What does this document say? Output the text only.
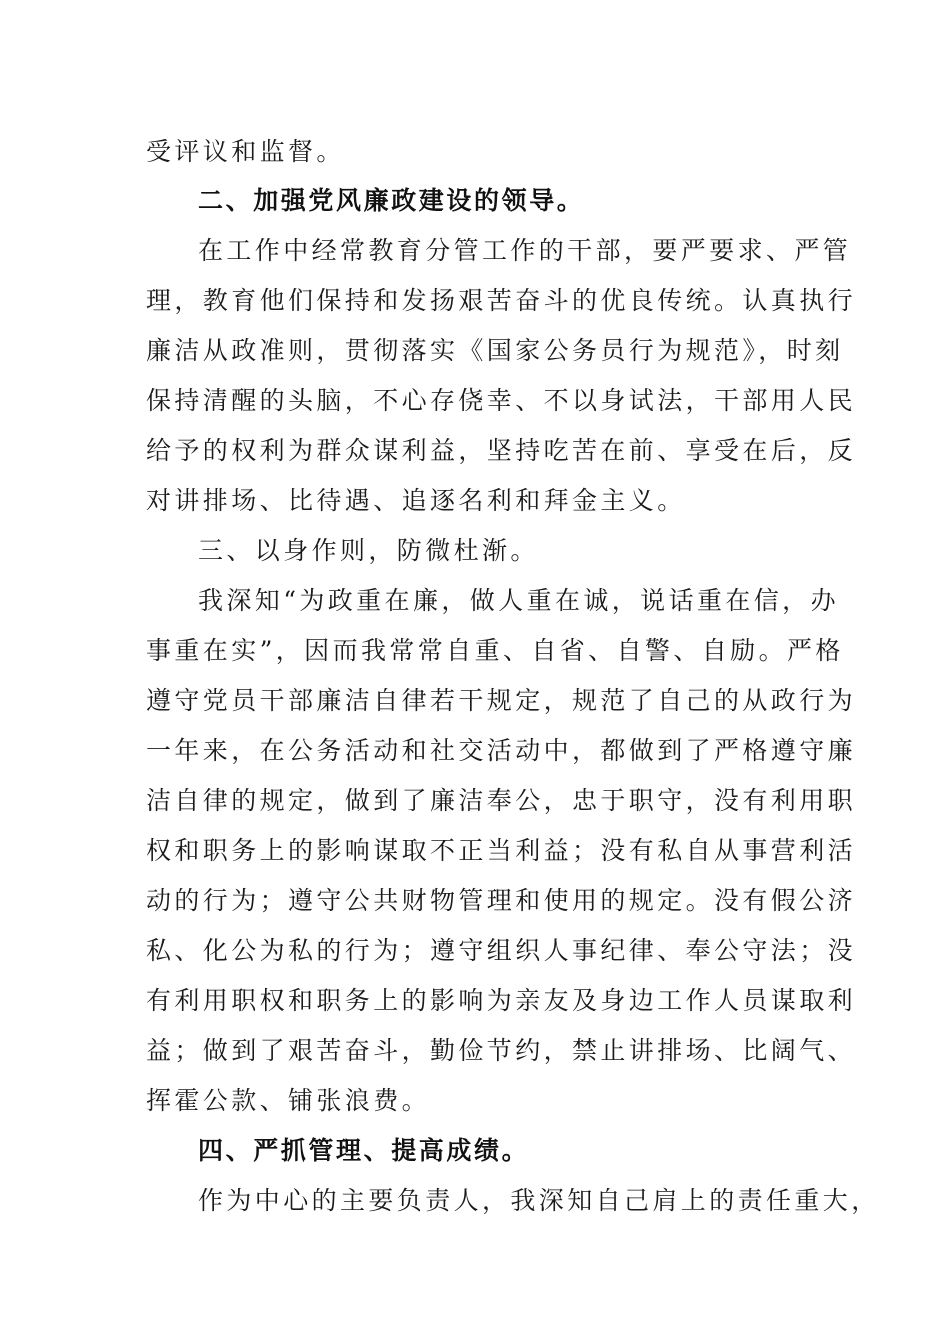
受评议和监督。
二、加强党风廉政建设的领导。
在工作中经常教育分管工作的干部，要严要求、严管
理，教育他们保持和发扬艰苦奋斗的优良传统。认真执行
廉洁从政准则，贯彻落实《国家公务员行为规范》，时刻
保持清醒的头脑，不心存侥幸、不以身试法，干部用人民
给予的权利为群众谋利益，坚持吃苦在前、享受在后，反
对讲排场、比待遇、追逐名利和拜金主义。
三、以身作则，防微杜渐。
我深知“为政重在廉，做人重在诚，说话重在信，办
事重在实”，因而我常常自重、自省、自警、自励。严格
遵守党员干部廉洁自律若干规定，规范了自己的从政行为
一年来，在公务活动和社交活动中，都做到了严格遵守廉
洁自律的规定，做到了廉洁奉公，忠于职守，没有利用职
权和职务上的影响谋取不正当利益；没有私自从事营利活
动的行为；遵守公共财物管理和使用的规定。没有假公济
私、化公为私的行为；遵守组织人事纪律、奉公守法；没
有利用职权和职务上的影响为亲友及身边工作人员谋取利
益；做到了艰苦奋斗，勤俭节约，禁止讲排场、比阔气、
挥霍公款、铺张浪费。
四、严抓管理、提高成绩。
作为中心的主要负责人，我深知自己肩上的责任重大，
